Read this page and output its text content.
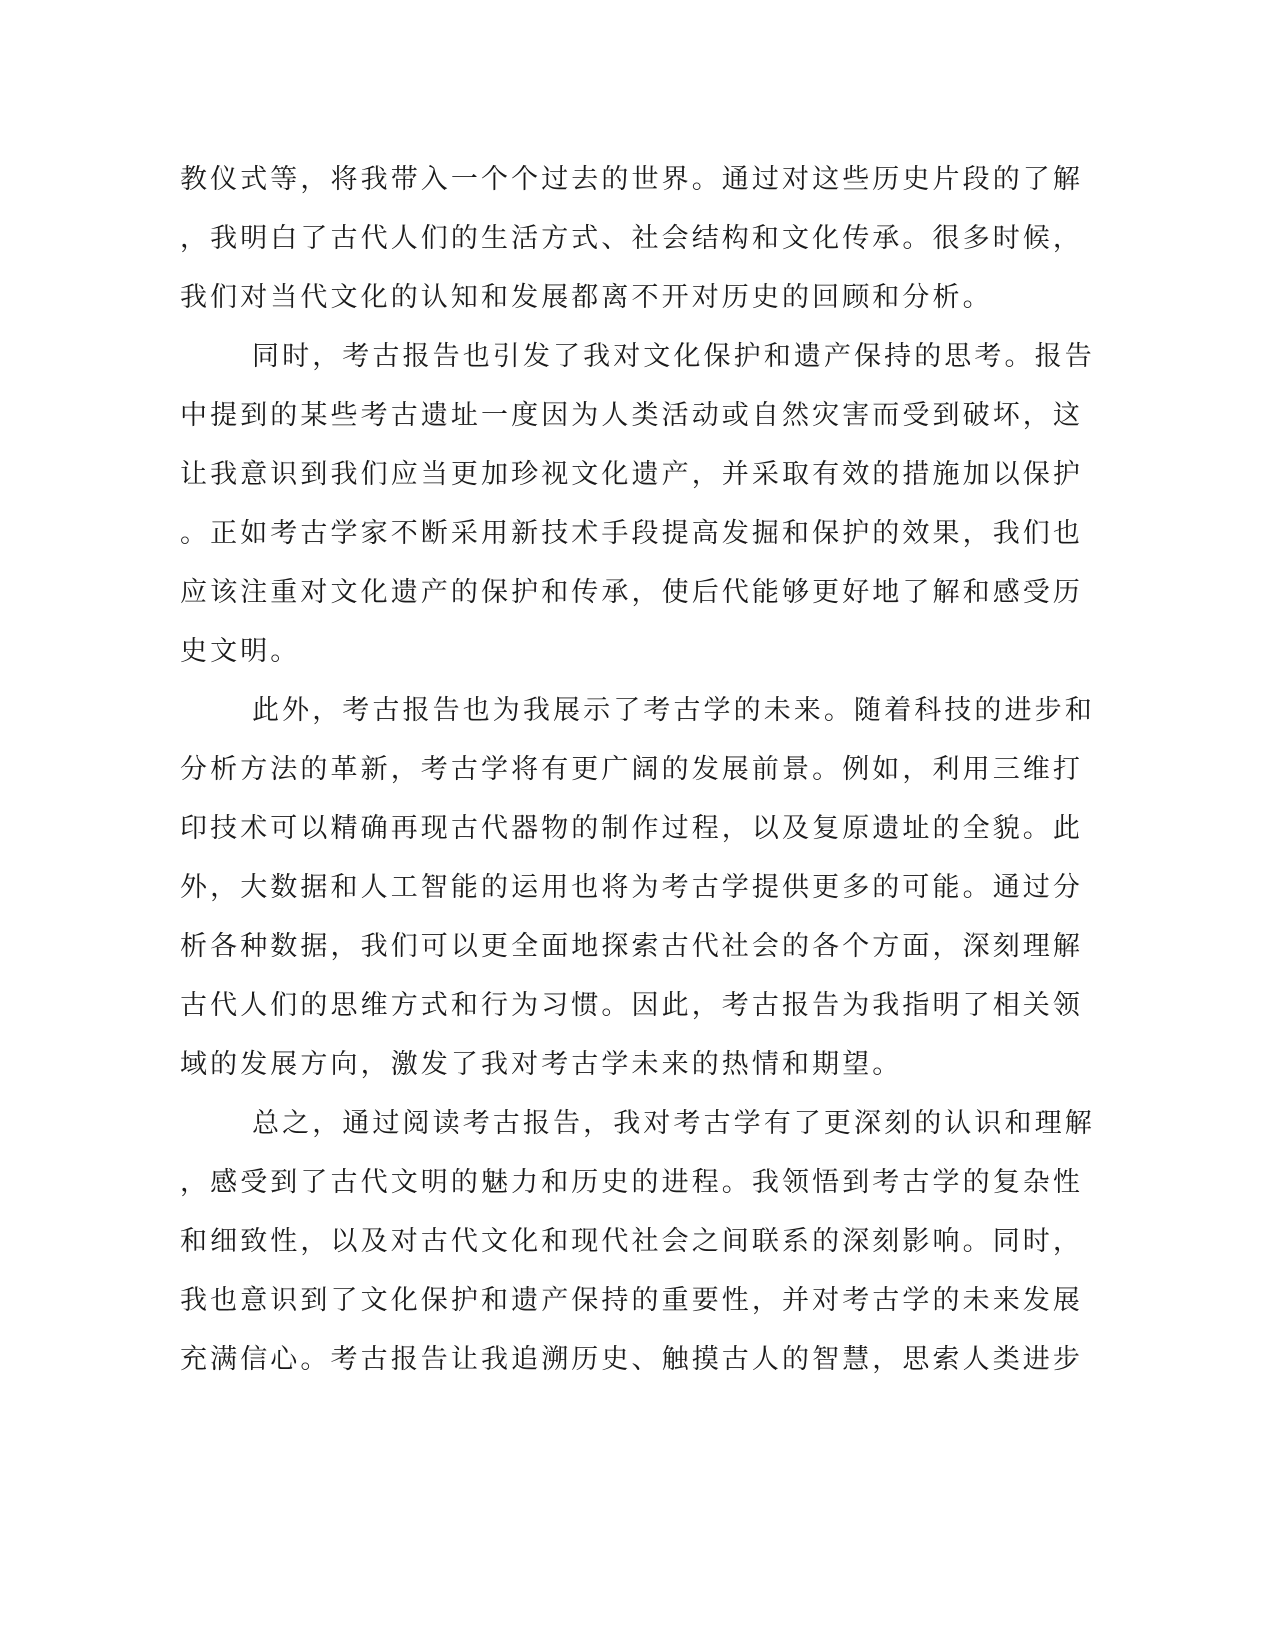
教仪式等，将我带入一个个过去的世界。通过对这些历史片段的了解
，我明白了古代人们的生活方式、社会结构和文化传承。很多时候，
我们对当代文化的认知和发展都离不开对历史的回顾和分析。
同时，考古报告也引发了我对文化保护和遗产保持的思考。报告
中提到的某些考古遗址一度因为人类活动或自然灾害而受到破坏，这
让我意识到我们应当更加珍视文化遗产，并采取有效的措施加以保护
。正如考古学家不断采用新技术手段提高发掘和保护的效果，我们也
应该注重对文化遗产的保护和传承，使后代能够更好地了解和感受历
史文明。
此外，考古报告也为我展示了考古学的未来。随着科技的进步和
分析方法的革新，考古学将有更广阔的发展前景。例如，利用三维打
印技术可以精确再现古代器物的制作过程，以及复原遗址的全貌。此
外，大数据和人工智能的运用也将为考古学提供更多的可能。通过分
析各种数据，我们可以更全面地探索古代社会的各个方面，深刻理解
古代人们的思维方式和行为习惯。因此，考古报告为我指明了相关领
域的发展方向，激发了我对考古学未来的热情和期望。
总之，通过阅读考古报告，我对考古学有了更深刻的认识和理解
，感受到了古代文明的魅力和历史的进程。我领悟到考古学的复杂性
和细致性，以及对古代文化和现代社会之间联系的深刻影响。同时，
我也意识到了文化保护和遗产保持的重要性，并对考古学的未来发展
充满信心。考古报告让我追溯历史、触摸古人的智慧，思索人类进步
